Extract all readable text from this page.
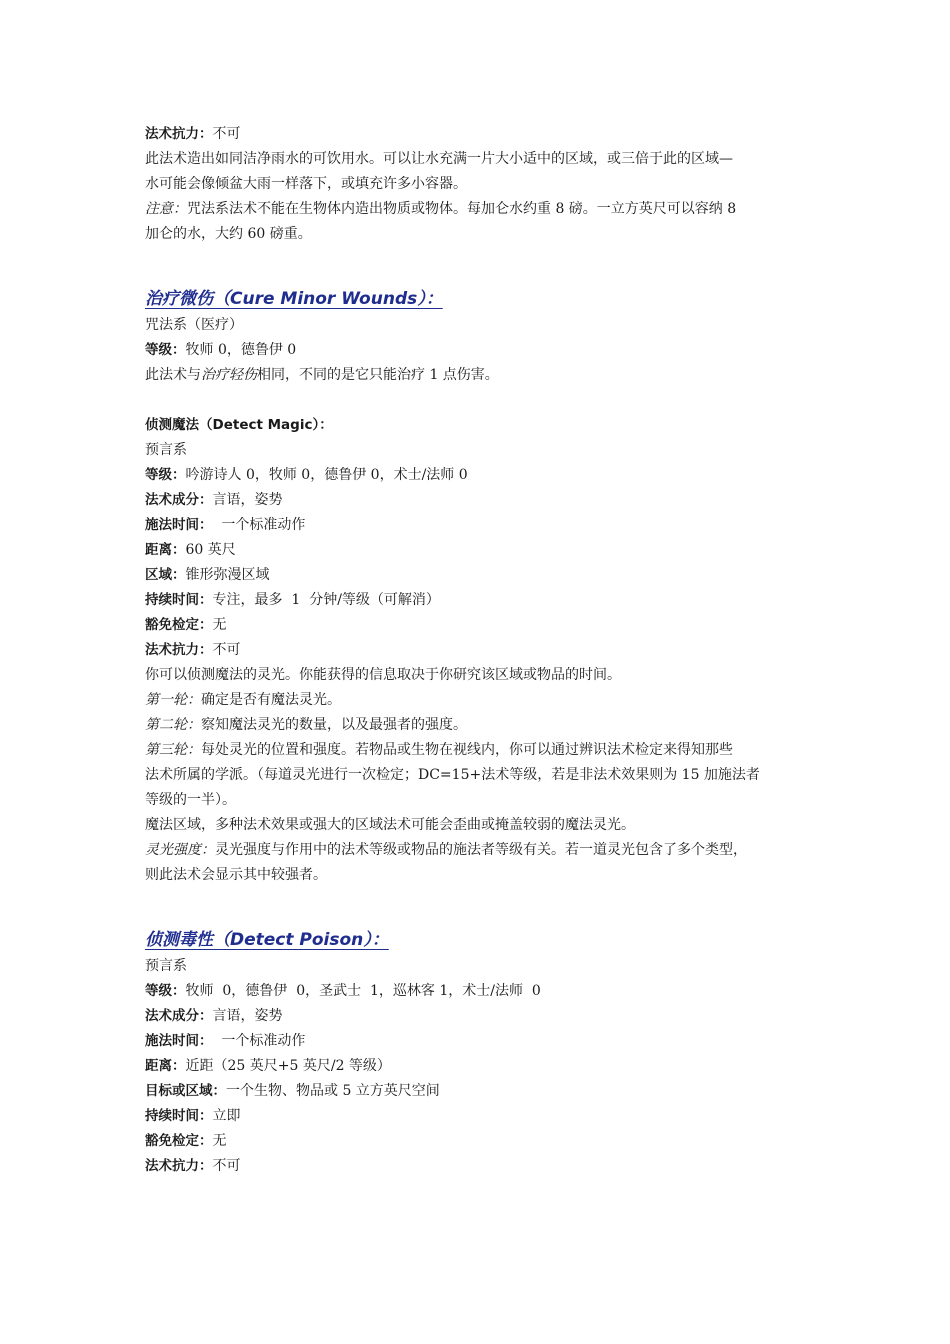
法术抗力：不可
此法术造出如同洁净雨水的可饮用水。可以让水充满一片大小适中的区域，或三倍于此的区域—
水可能会像倾盆大雨一样落下，或填充许多小容器。
注意：咒法系法术不能在生物体内造出物质或物体。每加仑水约重 8 磅。一立方英尺可以容纳 8
加仑的水，大约 60 磅重。
治疗微伤（Cure Minor Wounds）：
咒法系（医疗）
等级：牧师 0，德鲁伊 0
此法术与治疗轻伤相同，不同的是它只能治疗 1 点伤害。
侦测魔法（Detect Magic）：
预言系
等级：吟游诗人 0，牧师 0，德鲁伊 0，术士/法师 0
法术成分：言语，姿势
施法时间：  一个标准动作
距离：60 英尺
区域：锥形弥漫区域
持续时间：专注，最多  1  分钟/等级（可解消）
豁免检定：无
法术抗力：不可
你可以侦测魔法的灵光。你能获得的信息取决于你研究该区域或物品的时间。
第一轮：确定是否有魔法灵光。
第二轮：察知魔法灵光的数量，以及最强者的强度。
第三轮：每处灵光的位置和强度。若物品或生物在视线内，你可以通过辨识法术检定来得知那些
法术所属的学派。（每道灵光进行一次检定；DC=15+法术等级，若是非法术效果则为 15 加施法者
等级的一半）。
魔法区域，多种法术效果或强大的区域法术可能会歪曲或掩盖较弱的魔法灵光。
灵光强度：灵光强度与作用中的法术等级或物品的施法者等级有关。若一道灵光包含了多个类型，
则此法术会显示其中较强者。
侦测毒性（Detect Poison）：
预言系
等级：牧师  0，德鲁伊  0，圣武士  1，巡林客 1，术士/法师  0
法术成分：言语，姿势
施法时间：  一个标准动作
距离：近距（25 英尺+5 英尺/2 等级）
目标或区域：一个生物、物品或 5 立方英尺空间
持续时间：立即
豁免检定：无
法术抗力：不可
